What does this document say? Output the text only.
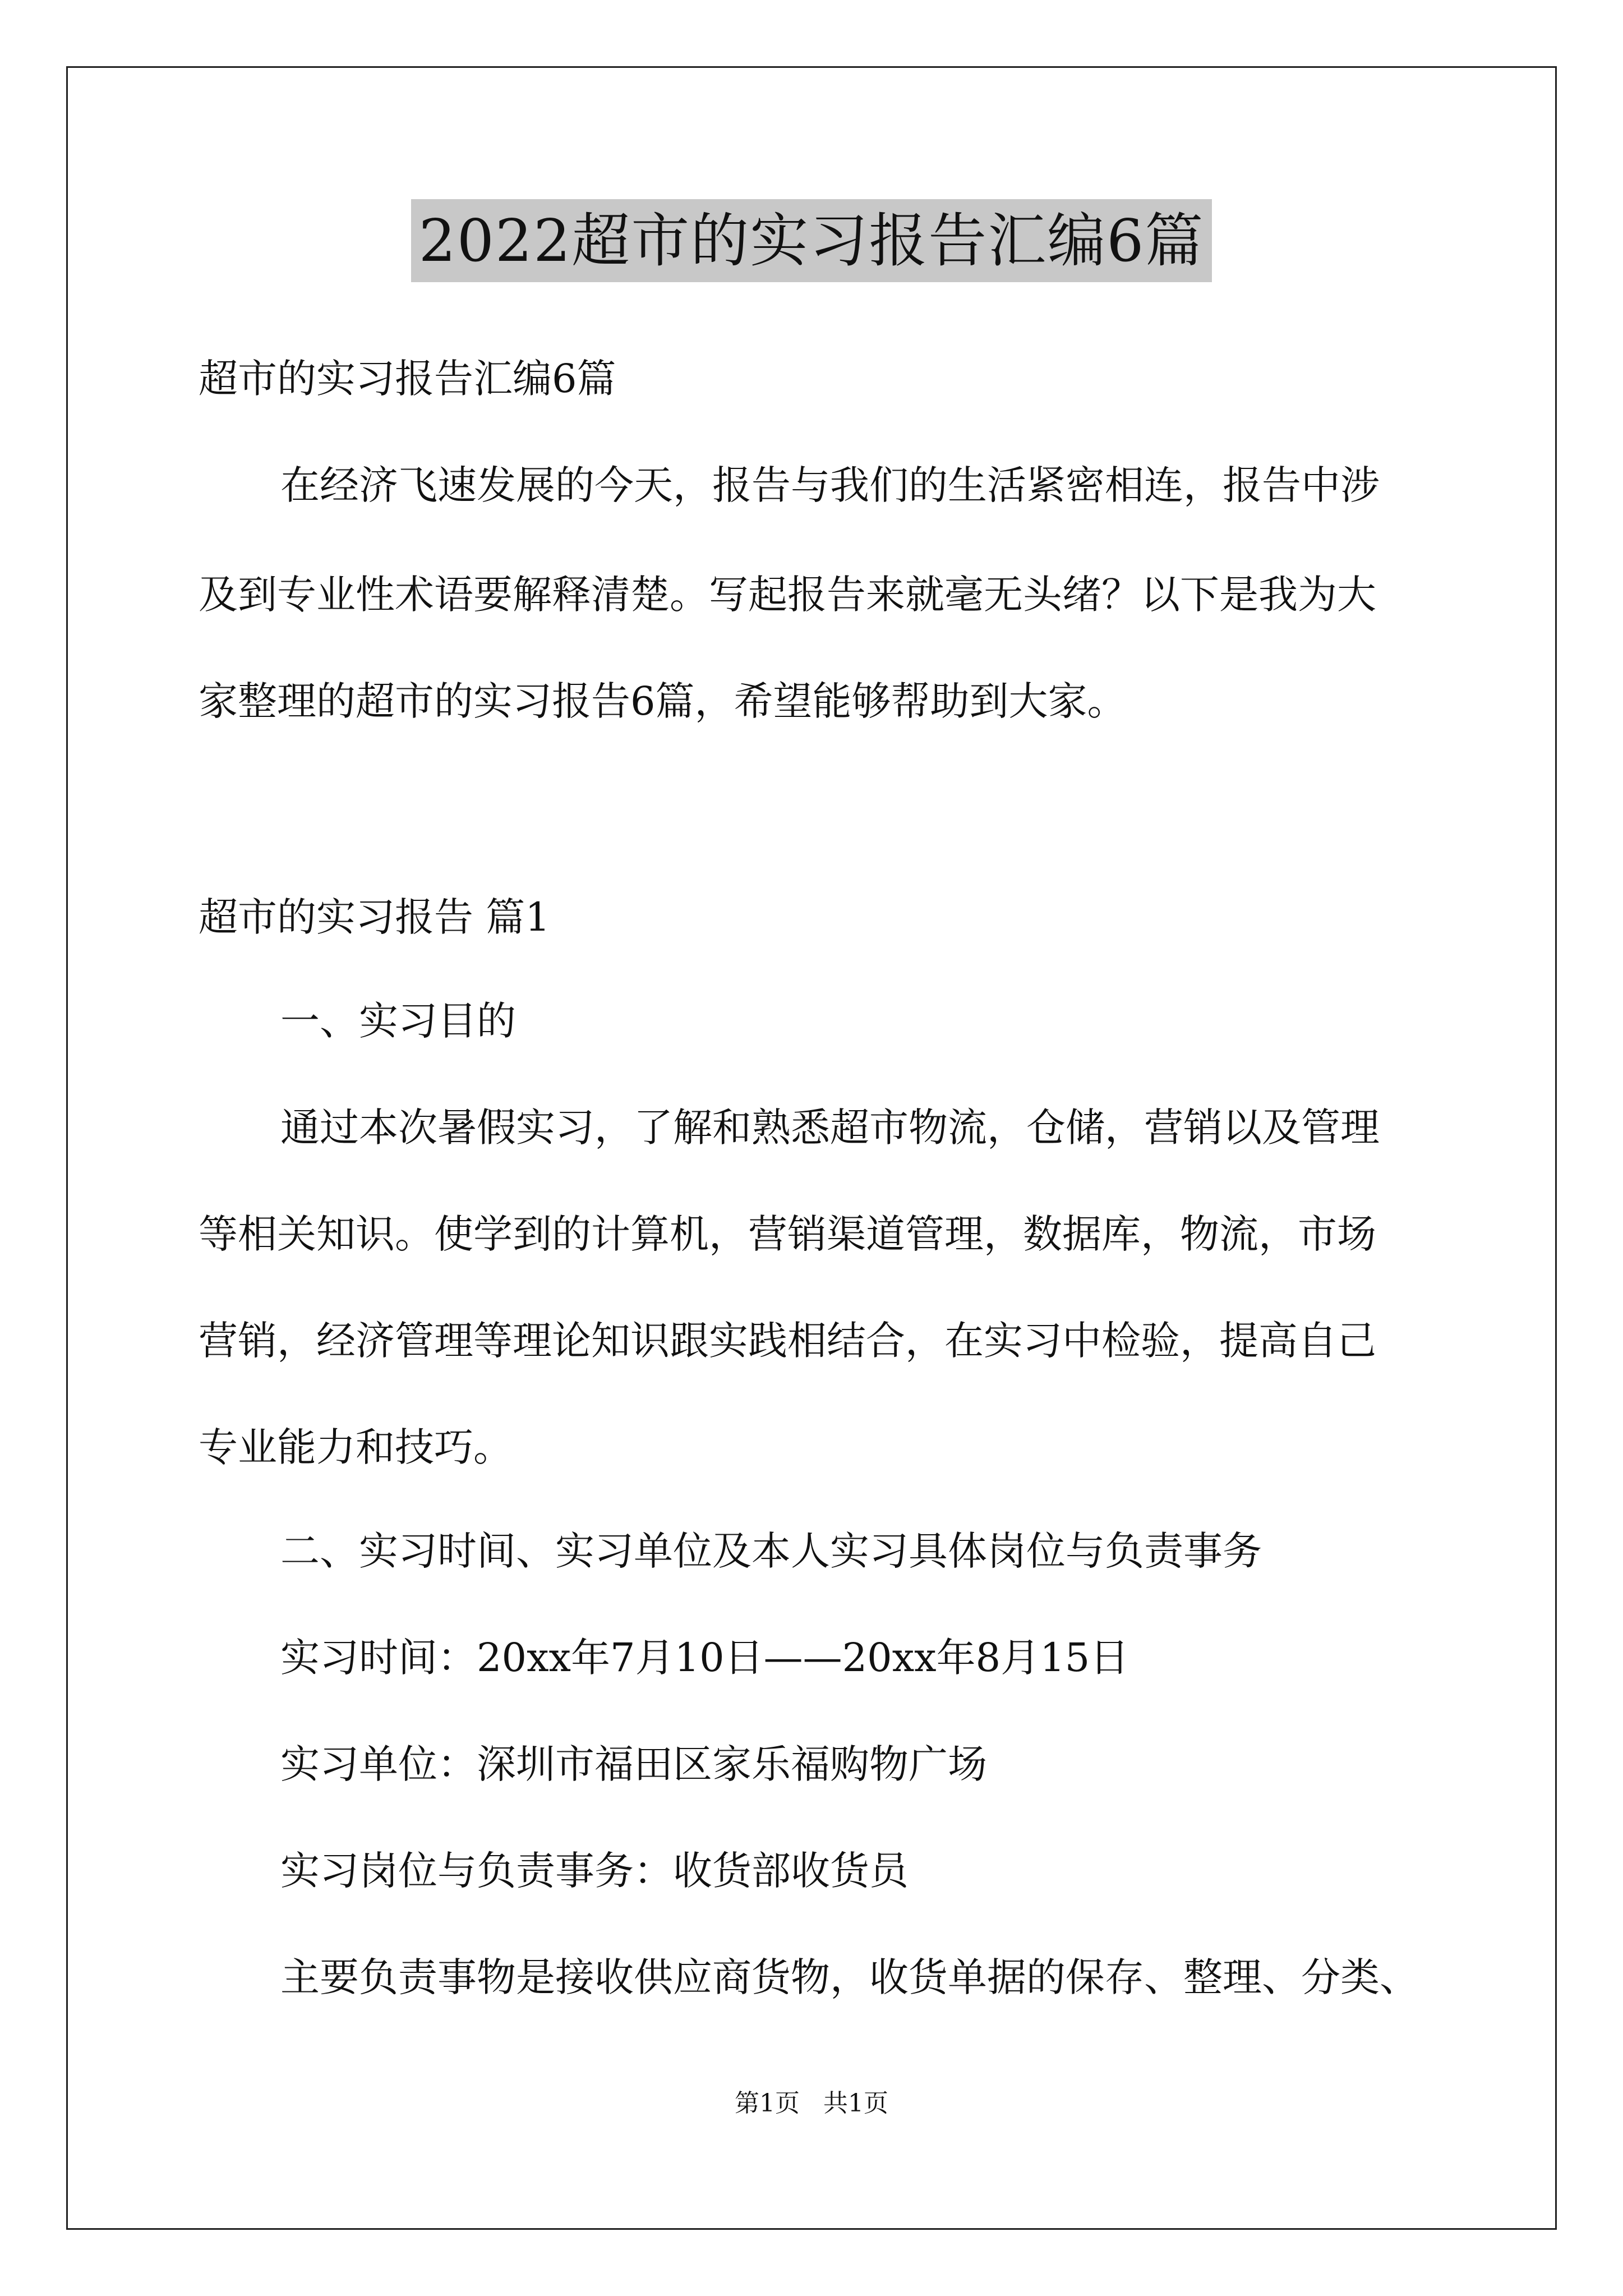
2022超市的实习报告汇编6篇
超市的实习报告汇编6篇
在经济飞速发展的今天，报告与我们的生活紧密相连，报告中涉
及到专业性术语要解释清楚。写起报告来就毫无头绪？以下是我为大
家整理的超市的实习报告6篇，希望能够帮助到大家。
超市的实习报告 篇1
一、实习目的
通过本次暑假实习，了解和熟悉超市物流，仓储，营销以及管理
等相关知识。使学到的计算机，营销渠道管理，数据库，物流，市场
营销，经济管理等理论知识跟实践相结合，在实习中检验，提高自己
专业能力和技巧。
二、实习时间、实习单位及本人实习具体岗位与负责事务
实习时间：20xx年7月10日——20xx年8月15日
实习单位：深圳市福田区家乐福购物广场
实习岗位与负责事务：收货部收货员
主要负责事物是接收供应商货物，收货单据的保存、整理、分类、
第1页   共1页
